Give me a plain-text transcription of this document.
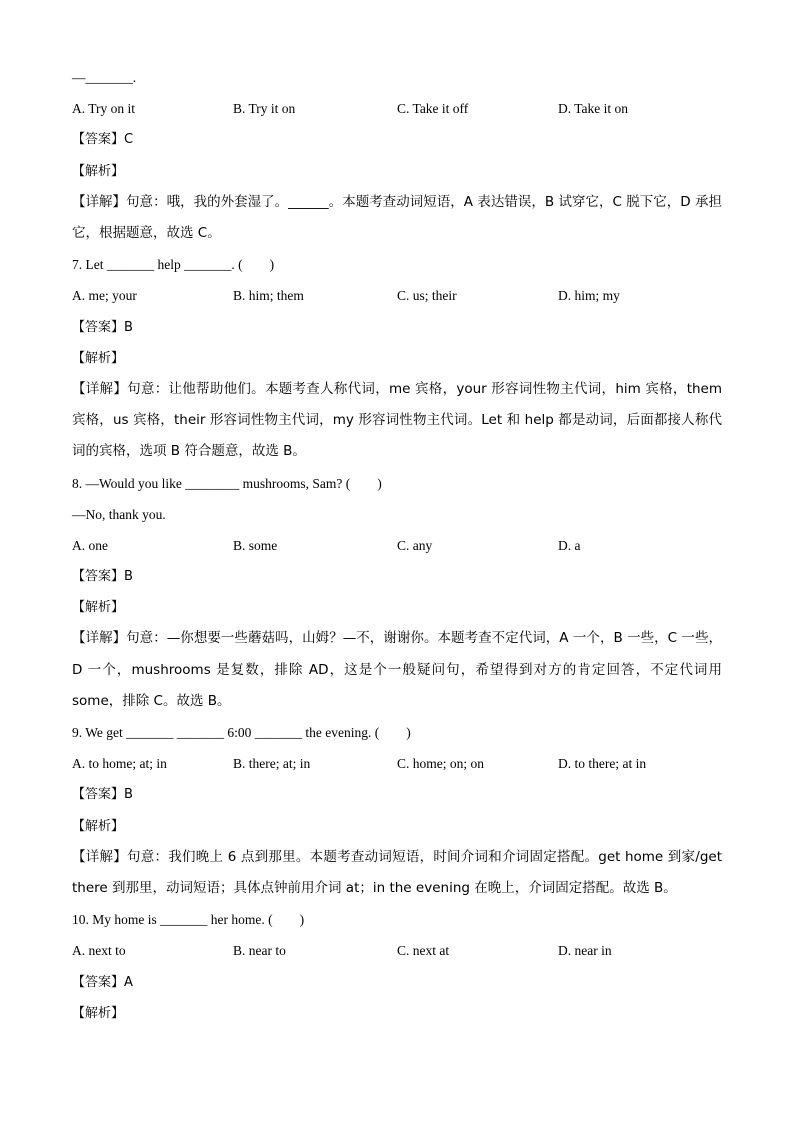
—_______.
A. Try on it	B. Try it on	C. Take it off	D. Take it on
【答案】C
【解析】
【详解】句意：哦，我的外套湿了。______。本题考查动词短语，A 表达错误，B 试穿它，C 脱下它，D 承担它，根据题意，故选 C。
7. Let _______ help _______. (　　)
A. me; your	B. him; them	C. us; their	D. him; my
【答案】B
【解析】
【详解】句意：让他帮助他们。本题考查人称代词，me 宾格，your 形容词性物主代词，him 宾格，them 宾格，us 宾格，their 形容词性物主代词，my 形容词性物主代词。Let 和 help 都是动词，后面都接人称代词的宾格，选项 B 符合题意，故选 B。
8. —Would you like ________ mushrooms, Sam? (　　)
—No, thank you.
A. one	B. some	C. any	D. a
【答案】B
【解析】
【详解】句意：—你想要一些蘑菇吗，山姆？—不，谢谢你。本题考查不定代词，A 一个，B 一些，C 一些，D 一个，mushrooms 是复数，排除 AD，这是个一般疑问句，希望得到对方的肯定回答，不定代词用 some，排除 C。故选 B。
9. We get _______ _______ 6:00 _______ the evening. (　　)
A. to home; at; in	B. there; at; in	C. home; on; on	D. to there; at in
【答案】B
【解析】
【详解】句意：我们晚上 6 点到那里。本题考查动词短语，时间介词和介词固定搭配。get home 到家/get there 到那里，动词短语；具体点钟前用介词 at；in the evening 在晚上，介词固定搭配。故选 B。
10. My home is _______ her home. (　　)
A. next to	B. near to	C. next at	D. near in
【答案】A
【解析】
